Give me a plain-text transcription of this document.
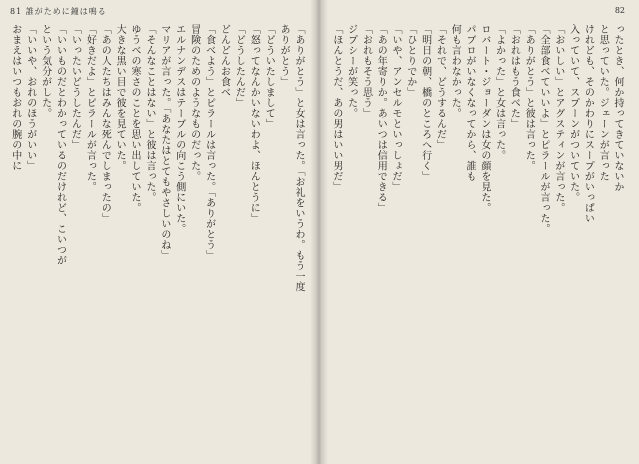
81 誰がために鐘は鳴る
「ありがとう」と女は言った。「お礼をいうわ。もう一度
ありがとう」
「どういたしまして」
「怒ってなんかいないわよ、ほんとうに」
「どうしたんだ」
どんどんお食べ
「食べよう」とピラールは言った。「ありがとう」
冒険のためのようなものだった。
エルナンデスはテーブルの向こう側にいた。
マリアが言った。「あなたはとてもやさしいのね」
「そんなことはない」と彼は言った。
ゆうべの寒さのことを思い出していた。
大きな黒い目で彼を見ていた。
「あの人たちはみんな死んでしまったの」
「好きだよ」とピラールが言った。
「いったいどうしたんだ」
「いいものだとわかっているのだけれど、こいつが
という気分がした。
「いいや、おれのほうがいい」
おまえはいつもおれの腕の中に
82
ったとき、何か持ってきていないか
と思っていた。ジェーンが言った
けれども、そのかわりにスープがいっぱい
入っていて、スプーンがついていた。
「おいしい」とアグスティンが言った。
「全部食べていいよ」とピラールが言った。
「ありがとう」と彼は言った。
「おれはもう食べた」
「よかった」と女は言った。
ロバート・ジョーダンは女の顔を見た。
パブロがいなくなってから、誰も
何も言わなかった。
「それで、どうするんだ」
「明日の朝、橋のところへ行く」
「ひとりでか」
「いや、アンセルモといっしょだ」
「あの年寄りか。あいつは信用できる」
「おれもそう思う」
ジプシーが笑った。
「ほんとうだ、あの男はいい男だ」
